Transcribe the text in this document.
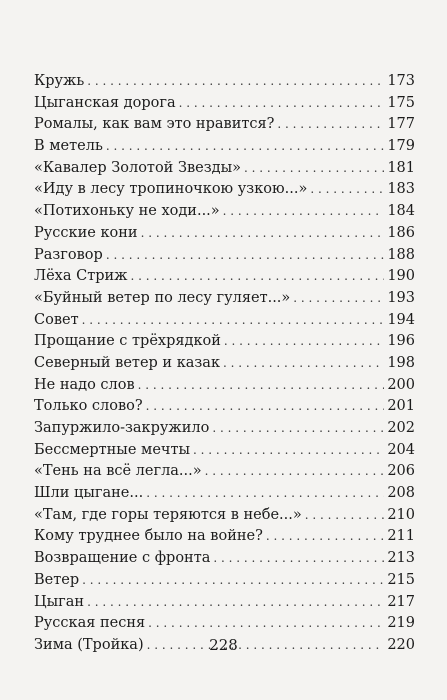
Кружь . . .	173
Цыганская дорога . . .	175
Ромалы, как вам это нравится? . . .	177
В метель . . .	179
«Кавалер Золотой Звезды» . . .	181
«Иду в лесу тропиночкою узкою...» . . .	183
«Потихоньку не ходи...» . . .	184
Русские кони . . .	186
Разговор . . .	188
Лёха Стриж . . .	190
«Буйный ветер по лесу гуляет...» . . .	193
Совет . . .	194
Прощание с трёхрядкой . . .	196
Северный ветер и казак . . .	198
Не надо слов . . .	200
Только слово? . . .	201
Запуржило-закружило . . .	202
Бессмертные мечты . . .	204
«Тень на всё легла...» . . .	206
Шли цыгане... . . .	208
«Там, где горы теряются в небе...» . . .	210
Кому труднее было на войне? . . .	211
Возвращение с фронта . . .	213
Ветер . . .	215
Цыган . . .	217
Русская песня . . .	219
Зима (Тройка) . . .	220
228
